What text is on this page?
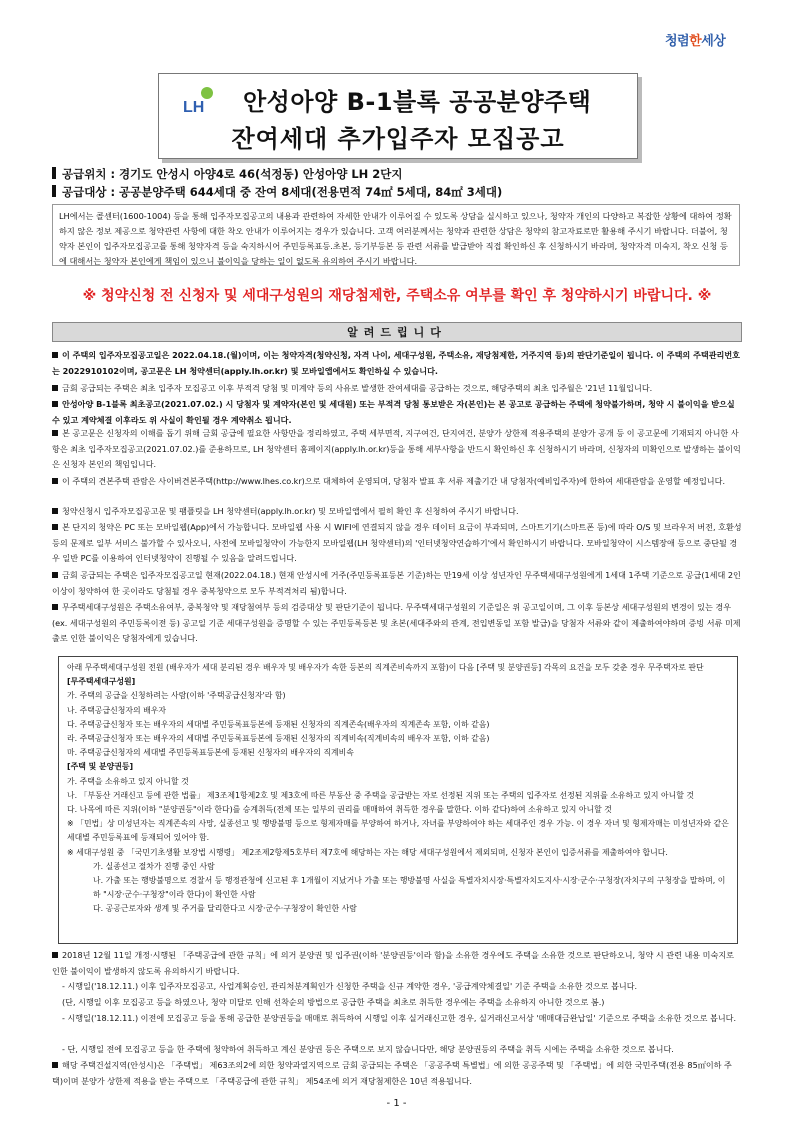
청렴한세상
LH 안성아양 B-1블록 공공분양주택
잔여세대 추가입주자 모집공고
공급위치 : 경기도 안성시 아양4로 46(석정동) 안성아양 LH 2단지
공급대상 : 공공분양주택 644세대 중 잔여 8세대(전용면적 74㎡ 5세대, 84㎡ 3세대)
LH에서는 콜센터(1600-1004) 등을 통해 입주자모집공고의 내용과 관련하여 자세한 안내가 이루어질 수 있도록 상담을 실시하고 있으나, 청약자 개인의 다양하고 복잡한 상황에 대하여 정확하지 않은 정보 제공으로 청약관련 사항에 대한 착오 안내가 이루어지는 경우가 있습니다. 고객 여러분께서는 청약과 관련한 상담은 청약의 참고자료로만 활용해 주시기 바랍니다. 더불어, 청약자 본인이 입주자모집공고를 통해 청약자격 등을 숙지하시어 주민등록표등.초본, 등기부등본 등 관련 서류를 발급받아 직접 확인하신 후 신청하시기 바라며, 청약자격 미숙지, 착오 신청 등에 대해서는 청약자 본인에게 책임이 있으니 불이익을 당하는 일이 없도록 유의하여 주시기 바랍니다.
※ 청약신청 전 신청자 및 세대구성원의 재당첨제한, 주택소유 여부를 확인 후 청약하시기 바랍니다. ※
알려드립니다
이 주택의 입주자모집공고일은 2022.04.18.(월)이며, 이는 청약자격(청약신청, 자격 나이, 세대구성원, 주택소유, 재당첨제한, 거주지역 등)의 판단기준일이 됩니다. 이 주택의 주택관리번호는 2022910102이며, 공고문은 LH 청약센터(apply.lh.or.kr) 및 모바일앱에서도 확인하실 수 있습니다.
금회 공급되는 주택은 최초 입주자 모집공고 이후 부적격 당첨 및 미계약 등의 사유로 발생한 잔여세대를 공급하는 것으로, 해당주택의 최초 입주월은 '21년 11월입니다.
안성아양 B-1블록 최초공고(2021.07.02.) 시 당첨자 및 계약자(본인 및 세대원) 또는 부적격 당첨 통보받은 자(본인)는 본 공고로 공급하는 주택에 청약불가하며, 청약 시 불이익을 받으실 수 있고 계약체결 이후라도 위 사실이 확인될 경우 계약취소 됩니다.
본 공고문은 신청자의 이해를 돕기 위해 금회 공급에 필요한 사항만을 정리하였고, 주택 세부면적, 지구여건, 단지여건, 분양가 상한제 적용주택의 분양가 공개 등 이 공고문에 기재되지 아니한 사항은 최초 입주자모집공고(2021.07.02.)를 준용하므로, LH 청약센터 홈페이지(apply.lh.or.kr)등을 통해 세부사항을 반드시 확인하신 후 신청하시기 바라며, 신청자의 미확인으로 발생하는 불이익은 신청자 본인의 책임입니다.
이 주택의 견본주택 관람은 사이버견본주택(http://www.lhes.co.kr)으로 대체하여 운영되며, 당첨자 발표 후 서류 제출기간 내 당첨자(예비입주자)에 한하여 세대관람을 운영할 예정입니다.
청약신청시 입주자모집공고문 및 팸플릿을 LH 청약센터(apply.lh.or.kr) 및 모바일앱에서 필히 확인 후 신청하여 주시기 바랍니다.
본 단지의 청약은 PC 또는 모바일웹(App)에서 가능합니다. 모바일웹 사용 시 WIFI에 연결되지 않을 경우 데이터 요금이 부과되며, 스마트기기(스마트폰 등)에 따라 O/S 및 브라우저 버전, 호환성 등의 문제로 일부 서비스 불가할 수 있사오니, 사전에 모바일청약이 가능한지 모바일웹(LH 청약센터)의 '인터넷청약연습하기'에서 확인하시기 바랍니다. 모바일청약이 시스템장애 등으로 중단될 경우 일반 PC를 이용하여 인터넷청약이 진행될 수 있음을 알려드립니다.
금회 공급되는 주택은 입주자모집공고일 현재(2022.04.18.) 현재 안성시에 거주(주민등록표등본 기준)하는 만19세 이상 성년자인 무주택세대구성원에게 1세대 1주택 기준으로 공급(1세대 2인 이상이 청약하여 한 곳이라도 당첨될 경우 중복청약으로 모두 부적격처리 됨)합니다.
무주택세대구성원은 주택소유여부, 중복청약 및 재당첨여부 등의 검증대상 및 판단기준이 됩니다. 무주택세대구성원의 기준일은 위 공고일이며, 그 이후 등본상 세대구성원의 변경이 있는 경우(ex. 세대구성원의 주민등록이전 등) 공고일 기준 세대구성원을 증명할 수 있는 주민등록등본 및 초본(세대주와의 관계, 전입변동일 포함 발급)을 당첨자 서류와 같이 제출하여야하며 증빙 서류 미제출로 인한 불이익은 당첨자에게 있습니다.
아래 무주택세대구성원 전원 (배우자가 세대 분리된 경우 배우자 및 배우자가 속한 등본의 직계존비속까지 포함)이 다음 [주택 및 분양권등] 각목의 요건을 모두 갖춘 경우 무주택자로 판단
[무주택세대구성원]
가. 주택의 공급을 신청하려는 사람(이하 '주택공급신청자'라 함)
나. 주택공급신청자의 배우자
다. 주택공급신청자 또는 배우자의 세대별 주민등록표등본에 등재된 신청자의 직계존속(배우자의 직계존속 포함, 이하 같음)
라. 주택공급신청자 또는 배우자의 세대별 주민등록표등본에 등재된 신청자의 직계비속(직계비속의 배우자 포함, 이하 같음)
마. 주택공급신청자의 세대별 주민등록표등본에 등재된 신청자의 배우자의 직계비속
[주택 및 분양권등]
가. 주택을 소유하고 있지 아니할 것
나. 「부동산 거래신고 등에 관한 법률」 제3조제1항제2호 및 제3호에 따른 부동산 중 주택을 공급받는 자로 선정된 지위 또는 주택의 입주자로 선정된 지위를 소유하고 있지 아니할 것
다. 나목에 따른 지위(이하 "분양권등"이라 한다)를 승계취득(전체 또는 일부의 권리를 매매하여 취득한 경우를 말한다. 이하 같다)하여 소유하고 있지 아니할 것
※ 「민법」상 미성년자는 직계존속의 사망, 실종선고 및 행방불명 등으로 형제자매를 부양하여 하거나, 자녀를 부양하여야 하는 세대주인 경우 가능. 이 경우 자녀 및 형제자매는 미성년자와 같은 세대별 주민등록표에 등재되어 있어야 함.
※ 세대구성원 중 「국민기초생활 보장법 시행령」 제2조제2항제5호부터 제7호에 해당하는 자는 해당 세대구성원에서 제외되며, 신청자 본인이 입증서류를 제출하여야 합니다.
가. 실종선고 절차가 진행 중인 사람
나. 가출 또는 행방불명으로 경찰서 등 행정관청에 신고된 후 1개월이 지났거나 가출 또는 행방불명 사실을 특별자치시장·특별자치도지사·시장·군수·구청장(자치구의 구청장을 말하며, 이하 "시장·군수·구청장"이라 한다)이 확인한 사람
다. 공공근로자와 생계 및 주거를 달리한다고 시장·군수·구청장이 확인한 사람
2018년 12월 11일 개정·시행된 「주택공급에 관한 규칙」에 의거 분양권 및 입주권(이하 '분양권등'이라 함)을 소유한 경우에도 주택을 소유한 것으로 판단하오니, 청약 시 관련 내용 미숙지로 인한 불이익이 발생하지 않도록 유의하시기 바랍니다.
- 시행일('18.12.11.) 이후 입주자모집공고, 사업계획승인, 관리처분계획인가 신청한 주택을 신규 계약한 경우, '공급계약체결일' 기준 주택을 소유한 것으로 봅니다.
(단, 시행일 이후 모집공고 등을 하였으나, 청약 미달로 인해 선착순의 방법으로 공급한 주택을 최초로 취득한 경우에는 주택을 소유하지 아니한 것으로 봄.)
- 시행일('18.12.11.) 이전에 모집공고 등을 통해 공급한 분양권등을 매매로 취득하여 시행일 이후 실거래신고한 경우, 실거래신고서상 '매매대금완납일' 기준으로 주택을 소유한 것으로 봅니다.
- 단, 시행일 전에 모집공고 등을 한 주택에 청약하여 취득하고 계신 분양권 등은 주택으로 보지 않습니다만, 해당 분양권등의 주택을 취득 시에는 주택을 소유한 것으로 봅니다.
해당 주택건설지역(안성시)은 「주택법」 제63조의2에 의한 청약과열지역으로 금회 공급되는 주택은 「공공주택 특별법」에 의한 공공주택 및 「주택법」에 의한 국민주택(전용 85㎡이하 주택)이며 분양가 상한제 적용을 받는 주택으로 「주택공급에 관한 규칙」 제54조에 의거 재당첨제한은 10년 적용됩니다.
- 1 -
